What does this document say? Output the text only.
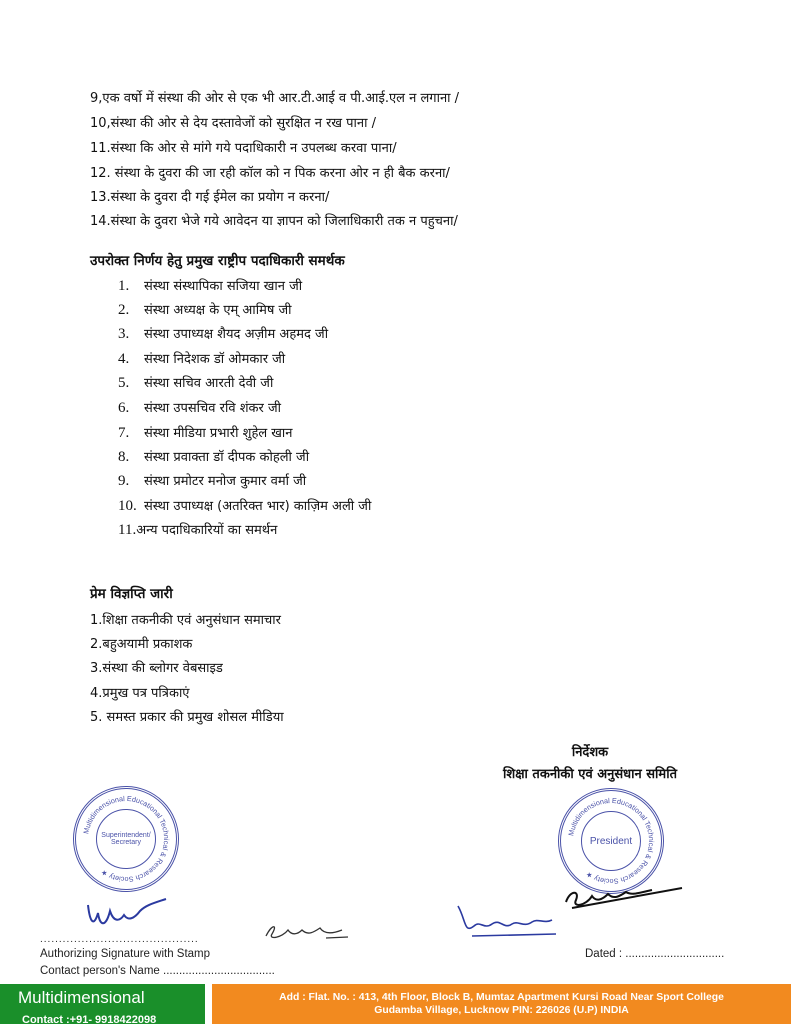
9,एक वर्षो में संस्था की ओर से एक भी आर.टी.आई व पी.आई.एल न लगाना /
10,संस्था की ओर से देय दस्तावेजों को सुरक्षित न रख पाना /
11.संस्था कि ओर से मांगे गये पदाधिकारी न उपलब्ध करवा पाना/
12. संस्था के दुवरा की जा रही कॉल को न पिक करना ओर न ही बैक करना/
13.संस्था के दुवरा दी गई ईमेल का प्रयोग न करना/
14.संस्था के दुवरा भेजे गये आवेदन या ज्ञापन को जिलाधिकारी तक न पहुचना/
उपरोक्त निर्णय हेतु प्रमुख राष्ट्रीप पदाधिकारी समर्थक
1. संस्था संस्थापिका सजिया खान जी
2. संस्था अध्यक्ष के एम् आमिष जी
3. संस्था उपाध्यक्ष शैयद अज़ीम अहमद जी
4. संस्था निदेशक डॉ ओमकार जी
5. संस्था सचिव आरती देवी जी
6. संस्था उपसचिव रवि शंकर जी
7. संस्था मीडिया प्रभारी शुहेल खान
8. संस्था प्रवाक्ता डॉ दीपक कोहली जी
9. संस्था प्रमोटर मनोज कुमार वर्मा जी
10. संस्था उपाध्यक्ष (अतरिक्त भार) काज़िम अली जी
11.अन्य पदाधिकारियों का समर्थन
प्रेम विज्ञप्ति जारी
1.शिक्षा तकनीकी एवं अनुसंधान समाचार
2.बहुअयामी प्रकाशक
3.संस्था की ब्लोगर वेबसाइड
4.प्रमुख पत्र पत्रिकाएं
5. समस्त प्रकार की प्रमुख शोसल मीडिया
निर्देशक
शिक्षा तकनीकी एवं अनुसंधान समिति
Multidimensional Educational Technical & Research Society ★
Superintendent/ Secretary
Multidimensional Educational Technical & Research Society ★
President
..........................................
Authorizing Signature with Stamp
Contact person's Name ...................................
Dated : ...............................
Multidimensional
Contact :+91- 9918422098
Add : Flat. No. : 413, 4th Floor, Block B, Mumtaz Apartment Kursi Road Near Sport College
Gudamba Village, Lucknow PIN: 226026 (U.P) INDIA
